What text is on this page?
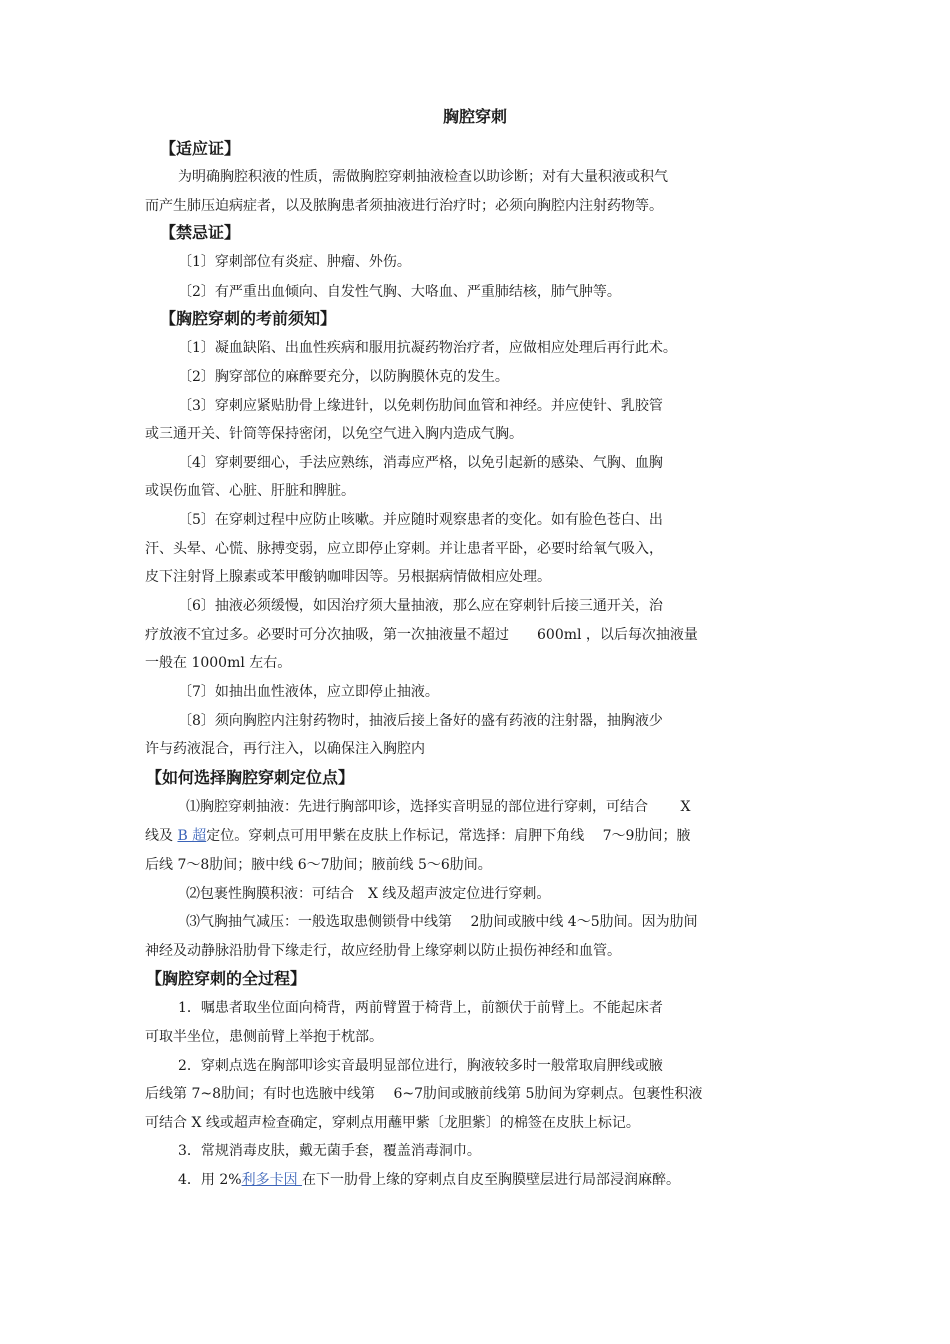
胸腔穿刺
【适应证】
为明确胸腔积液的性质，需做胸腔穿刺抽液检查以助诊断；对有大量积液或积气
而产生肺压迫病症者，以及脓胸患者须抽液进行治疗时；必须向胸腔内注射药物等。
【禁忌证】
〔1〕穿刺部位有炎症、肿瘤、外伤。
〔2〕有严重出血倾向、自发性气胸、大咯血、严重肺结核，肺气肿等。
【胸腔穿刺的考前须知】
〔1〕凝血缺陷、出血性疾病和服用抗凝药物治疗者，应做相应处理后再行此术。
〔2〕胸穿部位的麻醉要充分，以防胸膜休克的发生。
〔3〕穿刺应紧贴肋骨上缘进针，以免刺伤肋间血管和神经。并应使针、乳胶管
或三通开关、针筒等保持密闭，以免空气进入胸内造成气胸。
〔4〕穿刺要细心，手法应熟练，消毒应严格，以免引起新的感染、气胸、血胸
或误伤血管、心脏、肝脏和脾脏。
〔5〕在穿刺过程中应防止咳嗽。并应随时观察患者的变化。如有脸色苍白、出
汗、头晕、心慌、脉搏变弱，应立即停止穿刺。并让患者平卧，必要时给氧气吸入，
皮下注射肾上腺素或苯甲酸钠咖啡因等。另根据病情做相应处理。
〔6〕抽液必须缓慢，如因治疗须大量抽液，那么应在穿刺针后接三通开关，治
疗放液不宜过多。必要时可分次抽吸，第一次抽液量不超过　　600ml ，以后每次抽液量
一般在 1000ml 左右。
〔7〕如抽出血性液体，应立即停止抽液。
〔8〕须向胸腔内注射药物时，抽液后接上备好的盛有药液的注射器，抽胸液少
许与药液混合，再行注入，以确保注入胸腔内
【如何选择胸腔穿刺定位点】
⑴胸腔穿刺抽液：先进行胸部叩诊，选择实音明显的部位进行穿刺，可结合　　 X
线及 B 超定位。穿刺点可用甲紫在皮肤上作标记，常选择：肩胛下角线　 7～9肋间；腋
后线 7～8肋间；腋中线 6～7肋间；腋前线 5～6肋间。
⑵包裹性胸膜积液：可结合　X 线及超声波定位进行穿刺。
⑶气胸抽气减压：一般选取患侧锁骨中线第　 2肋间或腋中线 4～5肋间。因为肋间
神经及动静脉沿肋骨下缘走行，故应经肋骨上缘穿刺以防止损伤神经和血管。
【胸腔穿刺的全过程】
1．嘱患者取坐位面向椅背，两前臂置于椅背上，前额伏于前臂上。不能起床者
可取半坐位，患侧前臂上举抱于枕部。
2．穿刺点选在胸部叩诊实音最明显部位进行，胸液较多时一般常取肩胛线或腋
后线第 7~8肋间；有时也选腋中线第　 6~7肋间或腋前线第 5肋间为穿刺点。包裹性积液
可结合 X 线或超声检查确定，穿刺点用蘸甲紫〔龙胆紫〕的棉签在皮肤上标记。
3．常规消毒皮肤，戴无菌手套，覆盖消毒洞巾。
4．用 2%利多卡因 在下一肋骨上缘的穿刺点自皮至胸膜壁层进行局部浸润麻醉。
